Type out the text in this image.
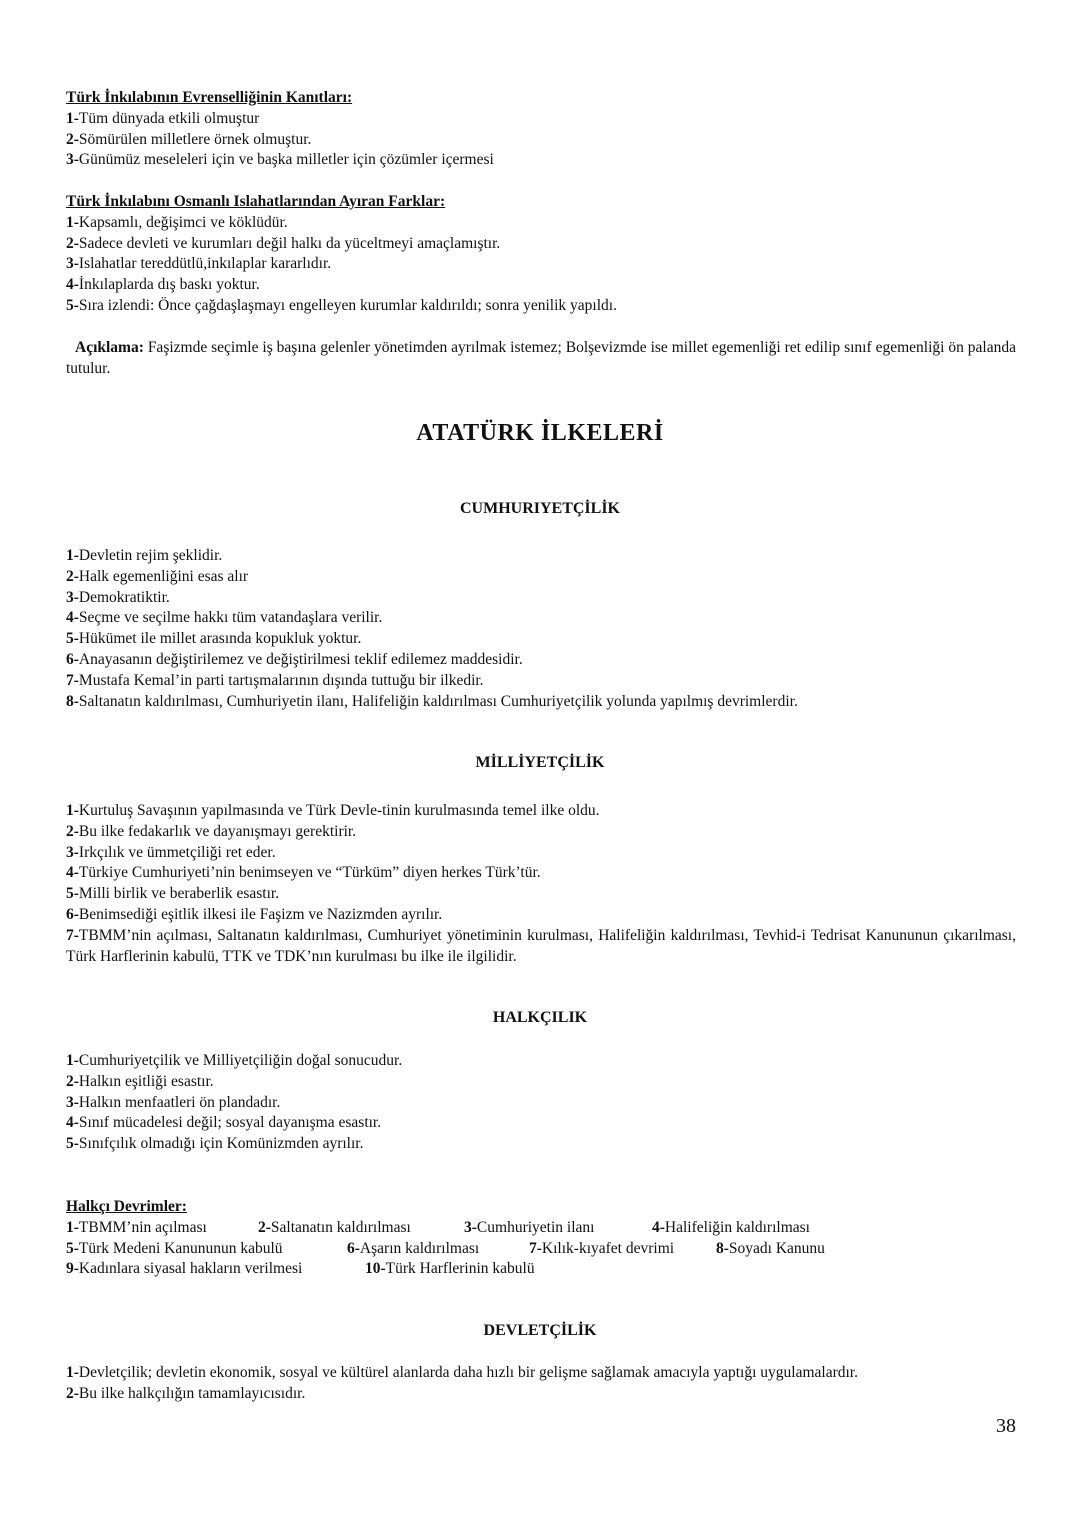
Türk İnkılabının Evrenselliğinin Kanıtları:
1-Tüm dünyada etkili olmuştur
2-Sömürülen milletlere örnek olmuştur.
3-Günümüz meseleleri için ve başka milletler için çözümler içermesi
Türk İnkılabını Osmanlı Islahatlarından Ayıran Farklar:
1-Kapsamlı, değişimci ve köklüdür.
2-Sadece devleti ve kurumları değil halkı da yüceltmeyi amaçlamıştır.
3-Islahatlar tereddütlü,inkılaplar kararlıdır.
4-İnkılaplarda dış baskı yoktur.
5-Sıra izlendi: Önce çağdaşlaşmayı engelleyen kurumlar kaldırıldı; sonra yenilik yapıldı.
Açıklama: Faşizmde seçimle iş başına gelenler yönetimden ayrılmak istemez; Bolşevizmde ise millet egemenliği ret edilip sınıf egemenliği ön palanda tutulur.
ATATÜRK İLKELERİ
CUMHURIYETÇİLİK
1-Devletin rejim şeklidir.
2-Halk egemenliğini esas alır
3-Demokratiktir.
4-Seçme ve seçilme hakkı tüm vatandaşlara verilir.
5-Hükümet ile millet arasında kopukluk yoktur.
6-Anayasanın değiştirilemez ve değiştirilmesi teklif edilemez maddesidir.
7-Mustafa Kemal’in parti tartışmalarının dışında tuttuğu bir ilkedir.
8-Saltanatın kaldırılması, Cumhuriyetin ilanı, Halifeliğin kaldırılması Cumhuriyetçilik yolunda yapılmış devrimlerdir.
MİLLİYETÇİLİK
1-Kurtuluş Savaşının yapılmasında ve Türk Devle-tinin kurulmasında temel ilke oldu.
2-Bu ilke fedakarlık ve dayanışmayı gerektirir.
3-Irkçılık ve ümmetçiliği ret eder.
4-Türkiye Cumhuriyeti’nin benimseyen ve “Türküm” diyen herkes Türk’tür.
5-Milli birlik ve beraberlik esastır.
6-Benimsediği eşitlik ilkesi ile Faşizm ve Nazizmden ayrılır.
7-TBMM’nin açılması, Saltanatın kaldırılması, Cumhuriyet yönetiminin kurulması, Halifeliğin kaldırılması, Tevhid-i Tedrisat Kanununun çıkarılması, Türk Harflerinin kabulü, TTK ve TDK’nın kurulması bu ilke ile ilgilidir.
HALKÇILIK
1-Cumhuriyetçilik ve Milliyetçiliğin doğal sonucudur.
2-Halkın eşitliği esastır.
3-Halkın menfaatleri ön plandadır.
4-Sınıf mücadelesi değil; sosyal dayanışma esastır.
5-Sınıfçılık olmadığı için Komünizmden ayrılır.
Halkçı Devrimler:
1-TBMM’nin açılması	2-Saltanatın kaldırılması	3-Cumhuriyetin ilanı	4-Halifeliğin kaldırılması
5-Türk Medeni Kanununun kabulü	6-Aşarın kaldırılması	7-Kılık-kıyafet devrimi	8-Soyadı Kanunu
9-Kadınlara siyasal hakların verilmesi	10-Türk Harflerinin kabulü
DEVLETÇİLİK
1-Devletçilik; devletin ekonomik, sosyal ve kültürel alanlarda daha hızlı bir gelişme sağlamak amacıyla yaptığı uygulamalardır.
2-Bu ilke halkçılığın tamamlayıcısıdır.
38
